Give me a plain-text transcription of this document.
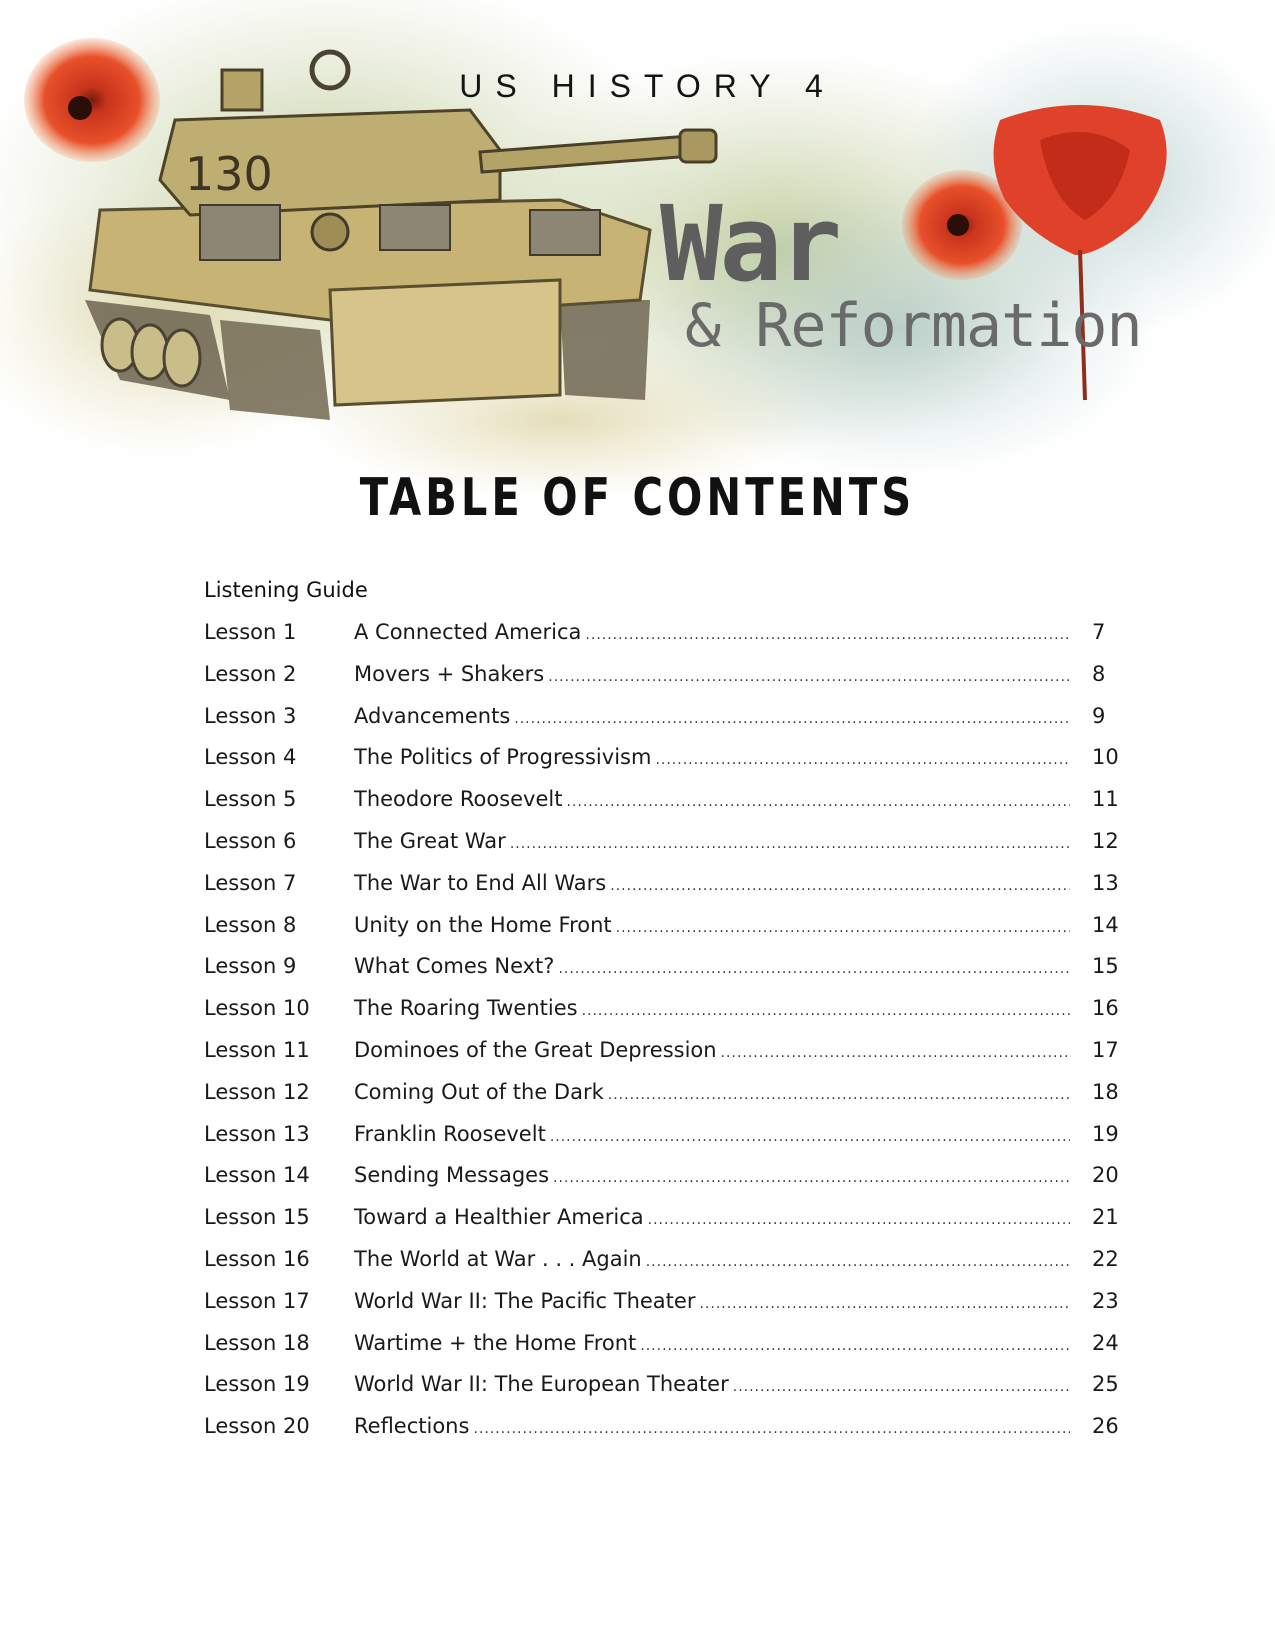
130
US HISTORY 4
War
& Reformation
TABLE OF CONTENTS
Listening Guide
Lesson 1	A Connected America .....	7
Lesson 2	Movers + Shakers .....	8
Lesson 3	Advancements .....	9
Lesson 4	The Politics of Progressivism .....	10
Lesson 5	Theodore Roosevelt .....	11
Lesson 6	The Great War .....	12
Lesson 7	The War to End All Wars .....	13
Lesson 8	Unity on the Home Front .....	14
Lesson 9	What Comes Next? .....	15
Lesson 10 The Roaring Twenties .....	16
Lesson 11 Dominoes of the Great Depression .....	17
Lesson 12 Coming Out of the Dark .....	18
Lesson 13 Franklin Roosevelt .....	19
Lesson 14 Sending Messages .....	20
Lesson 15 Toward a Healthier America .....	21
Lesson 16 The World at War . . . Again .....	22
Lesson 17 World War II: The Pacific Theater .....	23
Lesson 18 Wartime + the Home Front .....	24
Lesson 19 World War II: The European Theater .....	25
Lesson 20 Reflections .....	26
